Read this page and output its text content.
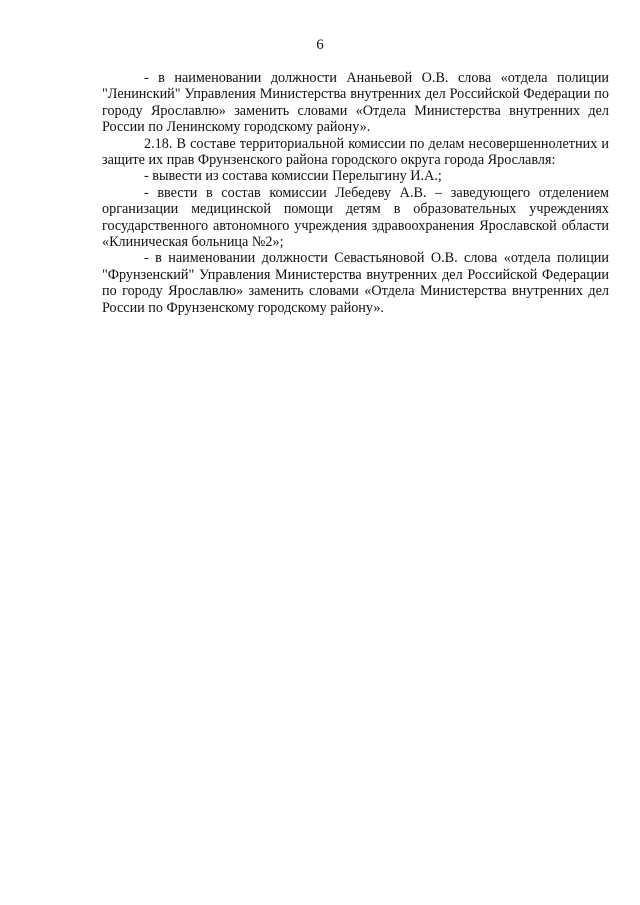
6

- в наименовании должности Ананьевой О.В. слова «отдела полиции "Ленинский" Управления Министерства внутренних дел Российской Федерации по городу Ярославлю» заменить словами «Отдела Министерства внутренних дел России по Ленинскому городскому району».

2.18. В составе территориальной комиссии по делам несовершеннолетних и защите их прав Фрунзенского района городского округа города Ярославля:

- вывести из состава комиссии Перелыгину И.А.;

- ввести в состав комиссии Лебедеву А.В. – заведующего отделением организации медицинской помощи детям в образовательных учреждениях государственного автономного учреждения здравоохранения Ярославской области «Клиническая больница №2»;

- в наименовании должности Севастьяновой О.В. слова «отдела полиции "Фрунзенский" Управления Министерства внутренних дел Российской Федерации по городу Ярославлю» заменить словами «Отдела Министерства внутренних дел России по Фрунзенскому городскому району».
